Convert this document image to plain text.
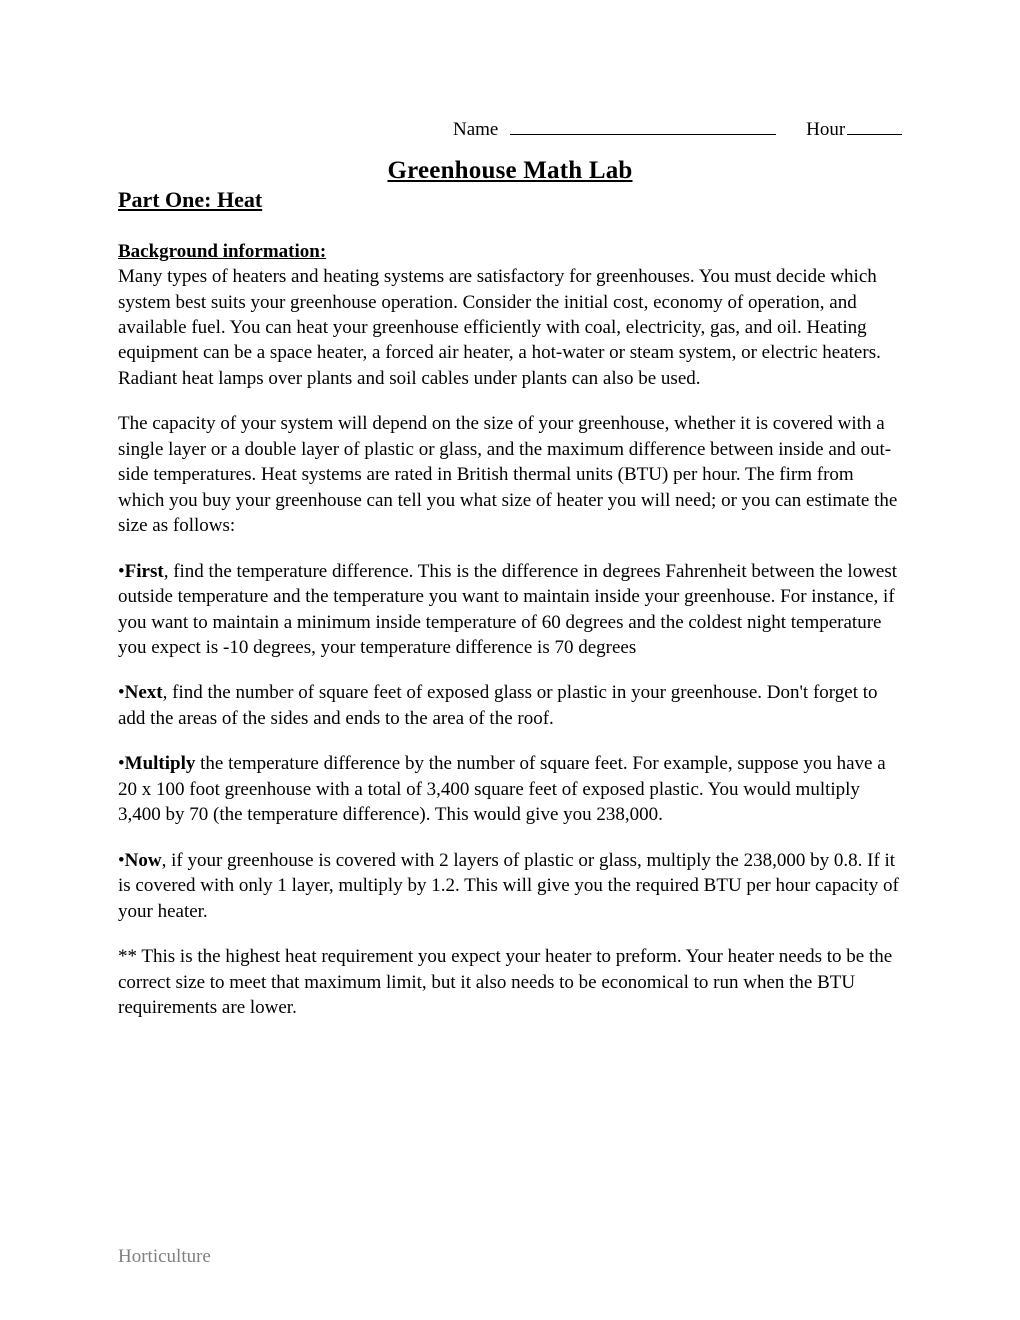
Name	Hour
Greenhouse Math Lab
Part One: Heat

Background information:

Many types of heaters and heating systems are satisfactory for greenhouses. You must decide which system best suits your greenhouse operation. Consider the initial cost, economy of operation, and available fuel. You can heat your greenhouse efficiently with coal, electricity, gas, and oil. Heating equipment can be a space heater, a forced air heater, a hot-water or steam system, or electric heaters. Radiant heat lamps over plants and soil cables under plants can also be used.

The capacity of your system will depend on the size of your greenhouse, whether it is covered with a single layer or a double layer of plastic or glass, and the maximum difference between inside and out- side temperatures. Heat systems are rated in British thermal units (BTU) per hour. The firm from which you buy your greenhouse can tell you what size of heater you will need; or you can estimate the size as follows:

•First, find the temperature difference. This is the difference in degrees Fahrenheit between the lowest outside temperature and the temperature you want to maintain inside your greenhouse. For instance, if you want to maintain a minimum inside temperature of 60 degrees and the coldest night temperature you expect is -10 degrees, your temperature difference is 70 degrees

•Next, find the number of square feet of exposed glass or plastic in your greenhouse. Don't forget to add the areas of the sides and ends to the area of the roof.

•Multiply the temperature difference by the number of square feet. For example, suppose you have a 20 x 100 foot greenhouse with a total of 3,400 square feet of exposed plastic. You would multiply 3,400 by 70 (the temperature difference). This would give you 238,000.

•Now, if your greenhouse is covered with 2 layers of plastic or glass, multiply the 238,000 by 0.8. If it is covered with only 1 layer, multiply by 1.2. This will give you the required BTU per hour capacity of your heater.

** This is the highest heat requirement you expect your heater to preform. Your heater needs to be the correct size to meet that maximum limit, but it also needs to be economical to run when the BTU requirements are lower.

Horticulture
